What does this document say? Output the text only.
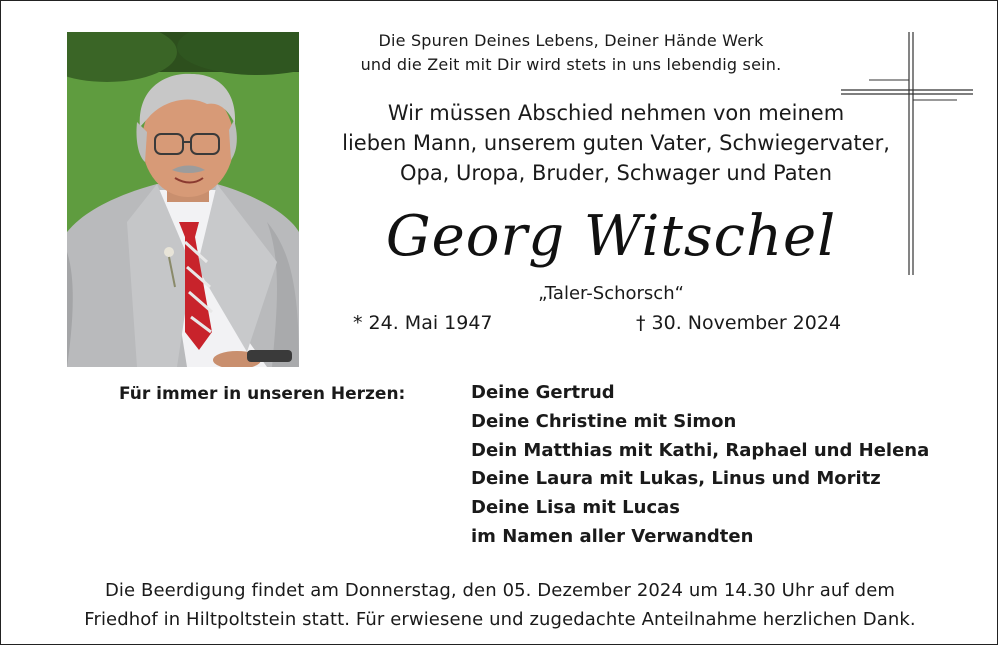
Die Spuren Deines Lebens, Deiner Hände Werk
und die Zeit mit Dir wird stets in uns lebendig sein.
Wir müssen Abschied nehmen von meinem
lieben Mann, unserem guten Vater, Schwiegervater,
Opa, Uropa, Bruder, Schwager und Paten
Georg Witschel
„Taler-Schorsch“
* 24. Mai 1947	† 30. November 2024
Für immer in unseren Herzen:	Deine Gertrud
Deine Christine mit Simon
Dein Matthias mit Kathi, Raphael und Helena
Deine Laura mit Lukas, Linus und Moritz
Deine Lisa mit Lucas
im Namen aller Verwandten
Die Beerdigung findet am Donnerstag, den 05. Dezember 2024 um 14.30 Uhr auf dem
Friedhof in Hiltpoltstein statt. Für erwiesene und zugedachte Anteilnahme herzlichen Dank.
